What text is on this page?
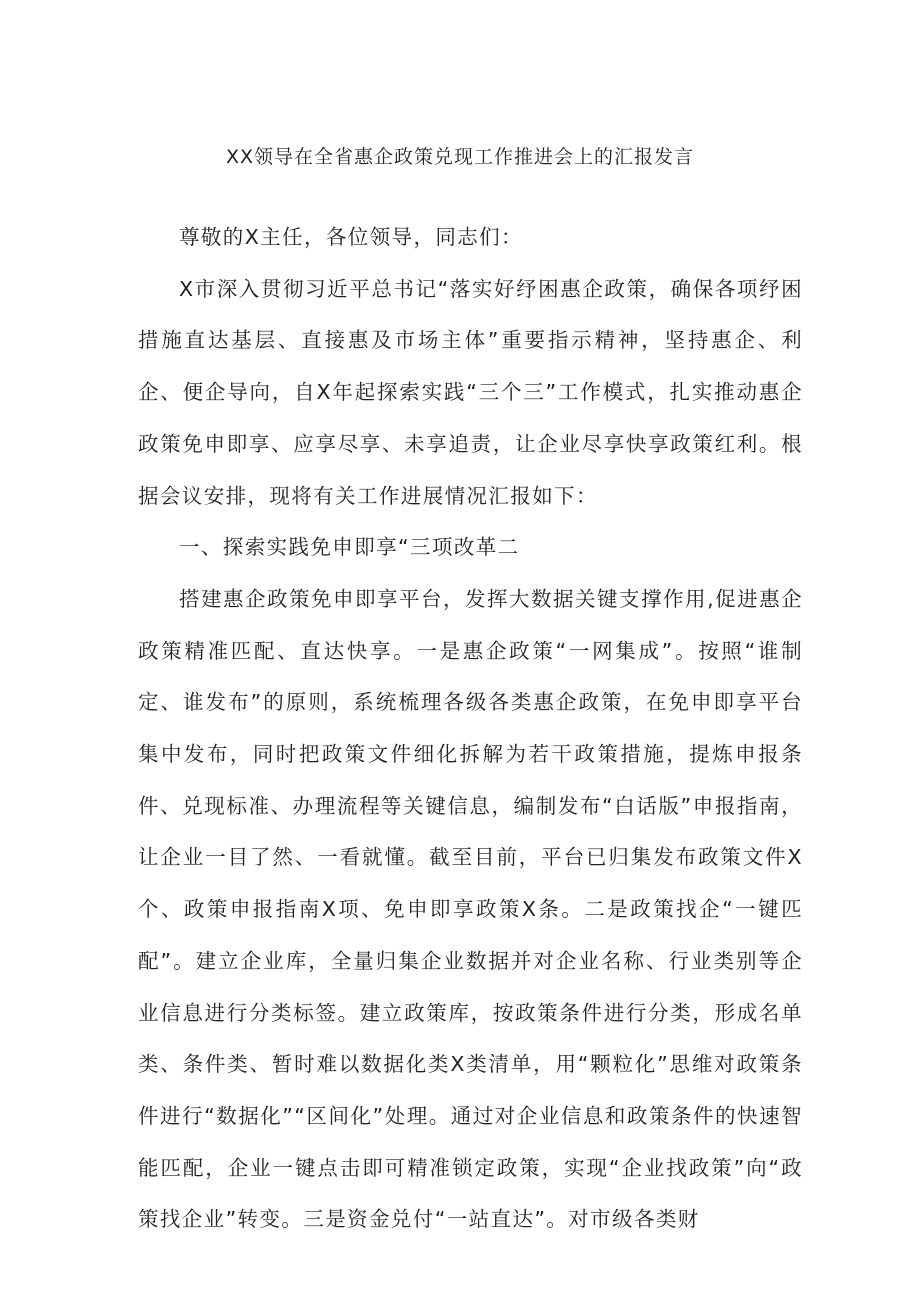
XX领导在全省惠企政策兑现工作推进会上的汇报发言

尊敬的X主任，各位领导，同志们：

X市深入贯彻习近平总书记“落实好纾困惠企政策，确保各项纾困措施直达基层、直接惠及市场主体”重要指示精神，坚持惠企、利企、便企导向，自X年起探索实践“三个三”工作模式，扎实推动惠企政策免申即享、应享尽享、未享追责，让企业尽享快享政策红利。根据会议安排，现将有关工作进展情况汇报如下：

一、探索实践免申即享“三项改革二

搭建惠企政策免申即享平台，发挥大数据关键支撑作用,促进惠企政策精准匹配、直达快享。一是惠企政策“一网集成”。按照“谁制定、谁发布”的原则，系统梳理各级各类惠企政策，在免申即享平台集中发布，同时把政策文件细化拆解为若干政策措施，提炼申报条件、兑现标准、办理流程等关键信息，编制发布“白话版”申报指南，让企业一目了然、一看就懂。截至目前，平台已归集发布政策文件X个、政策申报指南X项、免申即享政策X条。二是政策找企“一键匹配”。建立企业库，全量归集企业数据并对企业名称、行业类别等企业信息进行分类标签。建立政策库，按政策条件进行分类，形成名单类、条件类、暂时难以数据化类X类清单，用“颗粒化”思维对政策条件进行“数据化”“区间化”处理。通过对企业信息和政策条件的快速智能匹配，企业一键点击即可精准锁定政策，实现“企业找政策”向“政策找企业”转变。三是资金兑付“一站直达”。对市级各类财
